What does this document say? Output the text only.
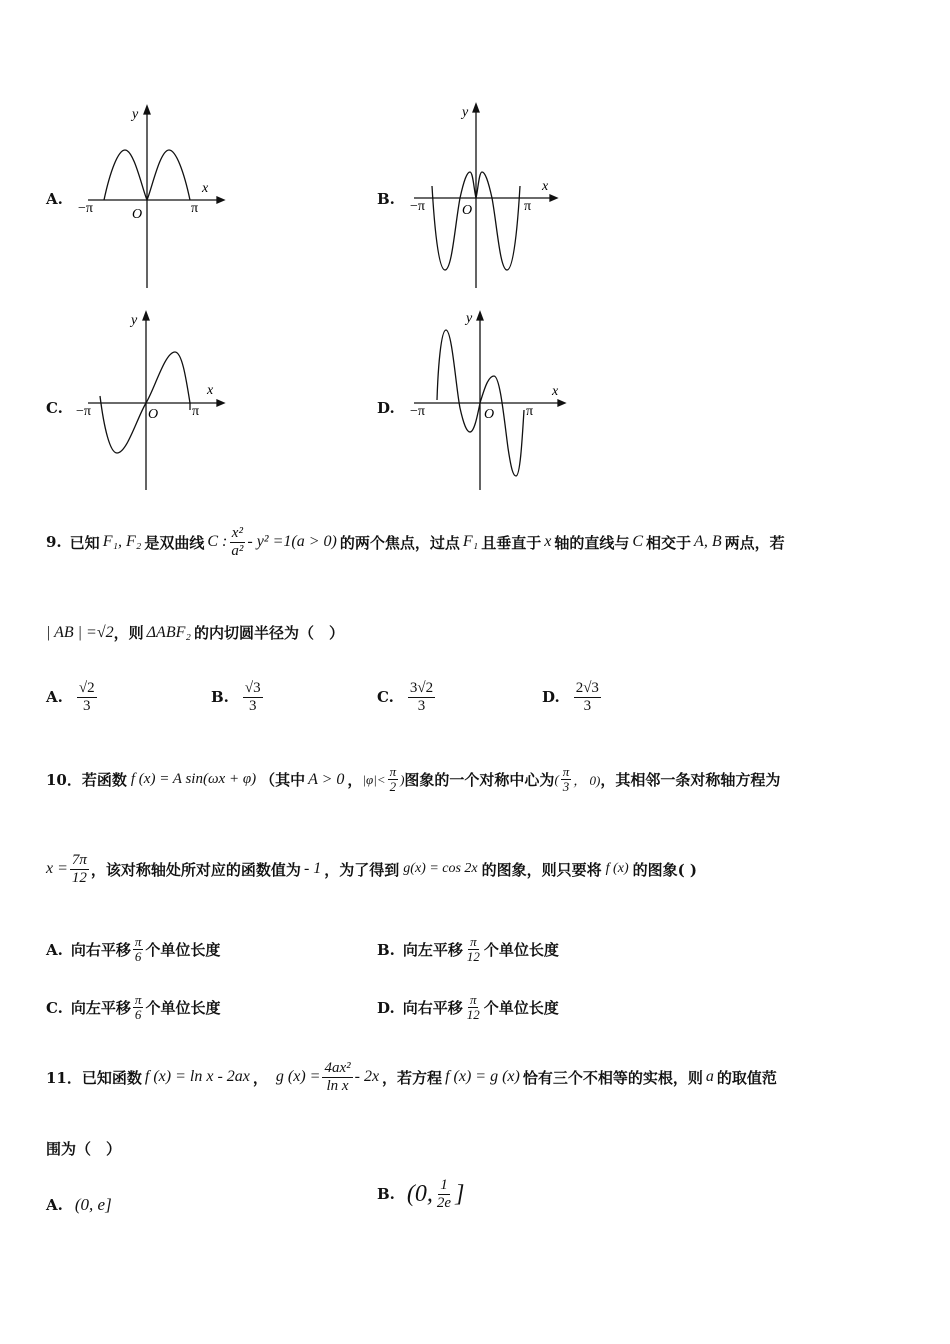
A.	B.
C.	D.
y
x
−π	π
O
y
x
−π	π
O
y
x
−π	π
O
y
x
−π	π
O
9. 已知 F₁, F₂ 是双曲线 C : $\frac{\text{x²}}{\text{a²}} - y^2 =1(a > 0)$ 的两个焦点，过点 F₁ 且垂直于 x 轴的直线与 C 相交于 A, B 两点，若
| AB | =√2 ，则 ΔABF₂ 的内切圆半径为（　）
A. $\frac{√2}{3}$	B. $\frac{√3}{3}$	C. $\frac{3√2}{3}$	D. $\frac{2√3}{3}$
10． 若函数 f (x) = A sin(ωx + φ) （其中 A > 0 ， $|\varphi|< \frac{\pi}{2}$ ) 图象的一个对称中心为 ( $\frac{\pi}{3}$ ， 0) ，其相邻一条对称轴方程为
$x = \frac{7\pi}{12}$ ，该对称轴处所对应的函数值为 - 1 ，为了得到 g(x) = cos 2x 的图象，则只要将 f (x) 的图象( )
A. 向右平移 $\frac{\pi}{6}$ 个单位长度	B. 向左平移 $\frac{\pi}{12}$ 个单位长度
C. 向左平移 $\frac{\pi}{6}$ 个单位长度	D. 向右平移 $\frac{\pi}{12}$ 个单位长度
11． 已知函数 f (x) = ln x - 2ax ， g $(x) = \frac{\text{4ax²}}{\text{ln x}} - 2x$ ，若方程 f (x) = g (x) 恰有三个不相等的实根，则 a 的取值范
围为（　）
A. (0, e]
B. (0, $\frac{1}{2e}$ ]
